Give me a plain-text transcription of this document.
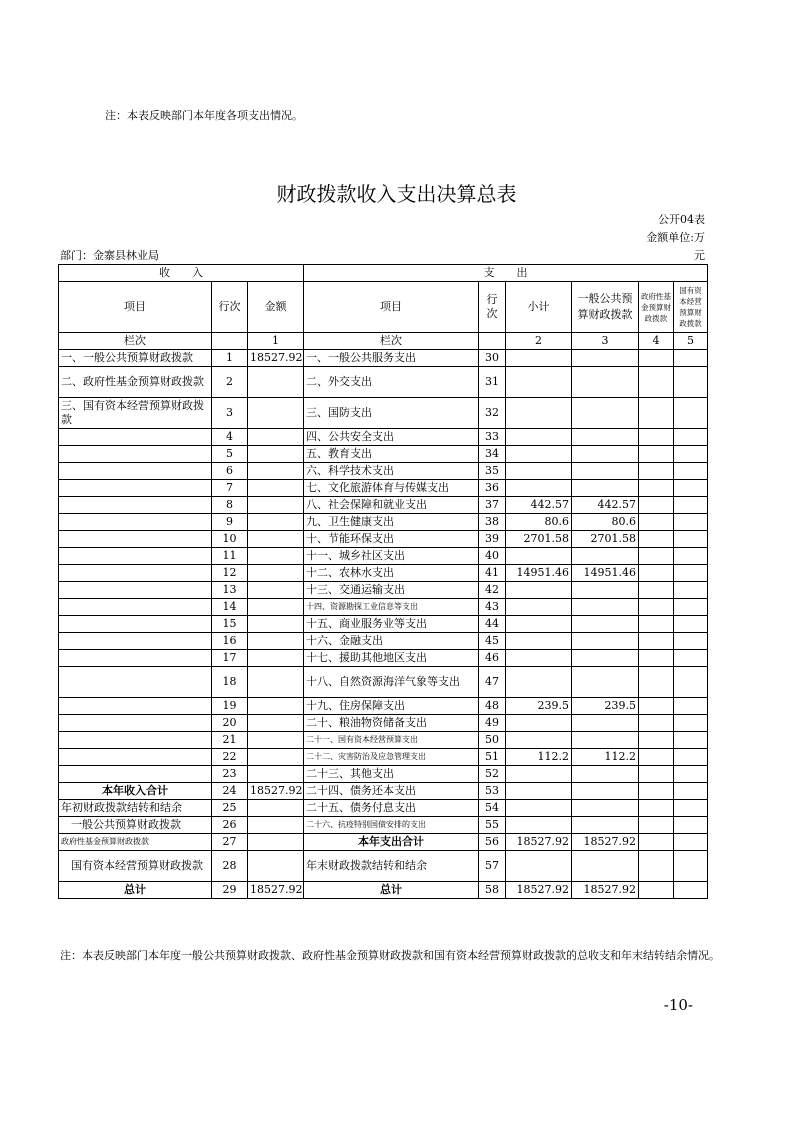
注：本表反映部门本年度各项支出情况。
财政拨款收入支出决算总表
公开04表
金额单位:万
部门：金寨县林业局	元
收　　入			支　　出					
项目	行次	金额	项目	行次	小计	一般公共预算财政拨款	政府性基金预算财政拨款	国有资本经营预算财政拨款
栏次		1	栏次		2	3	4	5
一、一般公共预算财政拨款	1	18527.92	一、一般公共服务支出	30				
二、政府性基金预算财政拨款	2		二、外交支出	31				
三、国有资本经营预算财政拨款	3		三、国防支出	32				
	4		四、公共安全支出	33				
	5		五、教育支出	34				
	6		六、科学技术支出	35				
	7		七、文化旅游体育与传媒支出	36				
	8		八、社会保障和就业支出	37	442.57	442.57		
	9		九、卫生健康支出	38	80.6	80.6		
	10		十、节能环保支出	39	2701.58	2701.58		
	11		十一、城乡社区支出	40				
	12		十二、农林水支出	41	14951.46	14951.46		
	13		十三、交通运输支出	42				
	14		十四、资源勘探工业信息等支出	43				
	15		十五、商业服务业等支出	44				
	16		十六、金融支出	45				
	17		十七、援助其他地区支出	46				
	18		十八、自然资源海洋气象等支出	47				
	19		十九、住房保障支出	48	239.5	239.5		
	20		二十、粮油物资储备支出	49				
	21		二十一、国有资本经营预算支出	50				
	22		二十二、灾害防治及应急管理支出	51	112.2	112.2		
	23		二十三、其他支出	52				
本年收入合计	24	18527.92	二十四、债务还本支出	53				
年初财政拨款结转和结余	25		二十五、债务付息支出	54				
一般公共预算财政拨款	26		二十六、抗疫特别国债安排的支出	55				
政府性基金预算财政拨款	27		本年支出合计	56	18527.92	18527.92		
国有资本经营预算财政拨款	28		年末财政拨款结转和结余	57				
总计	29	18527.92	总计	58	18527.92	18527.92		
注：本表反映部门本年度一般公共预算财政拨款、政府性基金预算财政拨款和国有资本经营预算财政拨款的总收支和年末结转结余情况。
-10-
